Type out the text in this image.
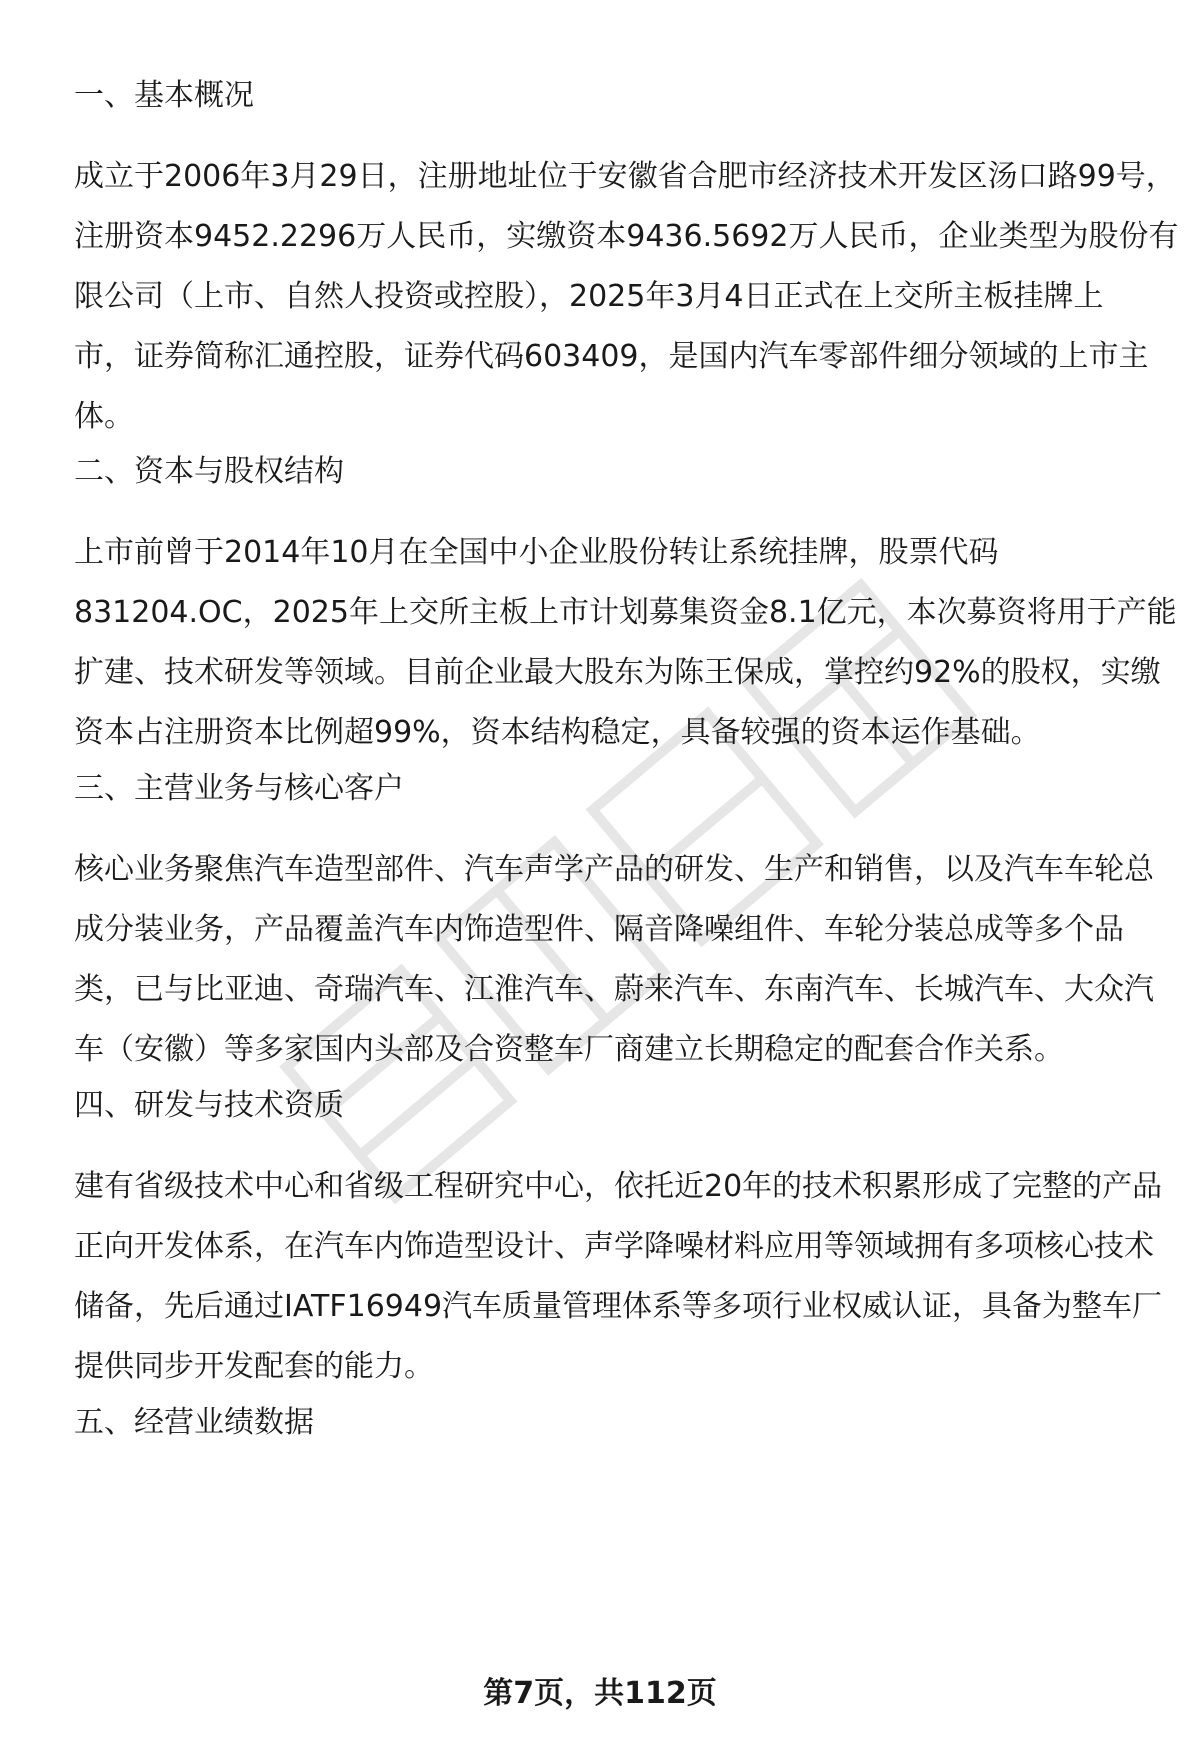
一、基本概况

成立于2006年3月29日，注册地址位于安徽省合肥市经济技术开发区汤口路99号，
注册资本9452.2296万人民币，实缴资本9436.5692万人民币，企业类型为股份有
限公司（上市、自然人投资或控股），2025年3月4日正式在上交所主板挂牌上
市，证券简称汇通控股，证券代码603409，是国内汽车零部件细分领域的上市主
体。

二、资本与股权结构

上市前曾于2014年10月在全国中小企业股份转让系统挂牌，股票代码
831204.OC，2025年上交所主板上市计划募集资金8.1亿元，本次募资将用于产能
扩建、技术研发等领域。目前企业最大股东为陈王保成，掌控约92%的股权，实缴
资本占注册资本比例超99%，资本结构稳定，具备较强的资本运作基础。

三、主营业务与核心客户

核心业务聚焦汽车造型部件、汽车声学产品的研发、生产和销售，以及汽车车轮总
成分装业务，产品覆盖汽车内饰造型件、隔音降噪组件、车轮分装总成等多个品
类，已与比亚迪、奇瑞汽车、江淮汽车、蔚来汽车、东南汽车、长城汽车、大众汽
车（安徽）等多家国内头部及合资整车厂商建立长期稳定的配套合作关系。

四、研发与技术资质

建有省级技术中心和省级工程研究中心，依托近20年的技术积累形成了完整的产品
正向开发体系，在汽车内饰造型设计、声学降噪材料应用等领域拥有多项核心技术
储备，先后通过IATF16949汽车质量管理体系等多项行业权威认证，具备为整车厂
提供同步开发配套的能力。

五、经营业绩数据
第7页，共112页
